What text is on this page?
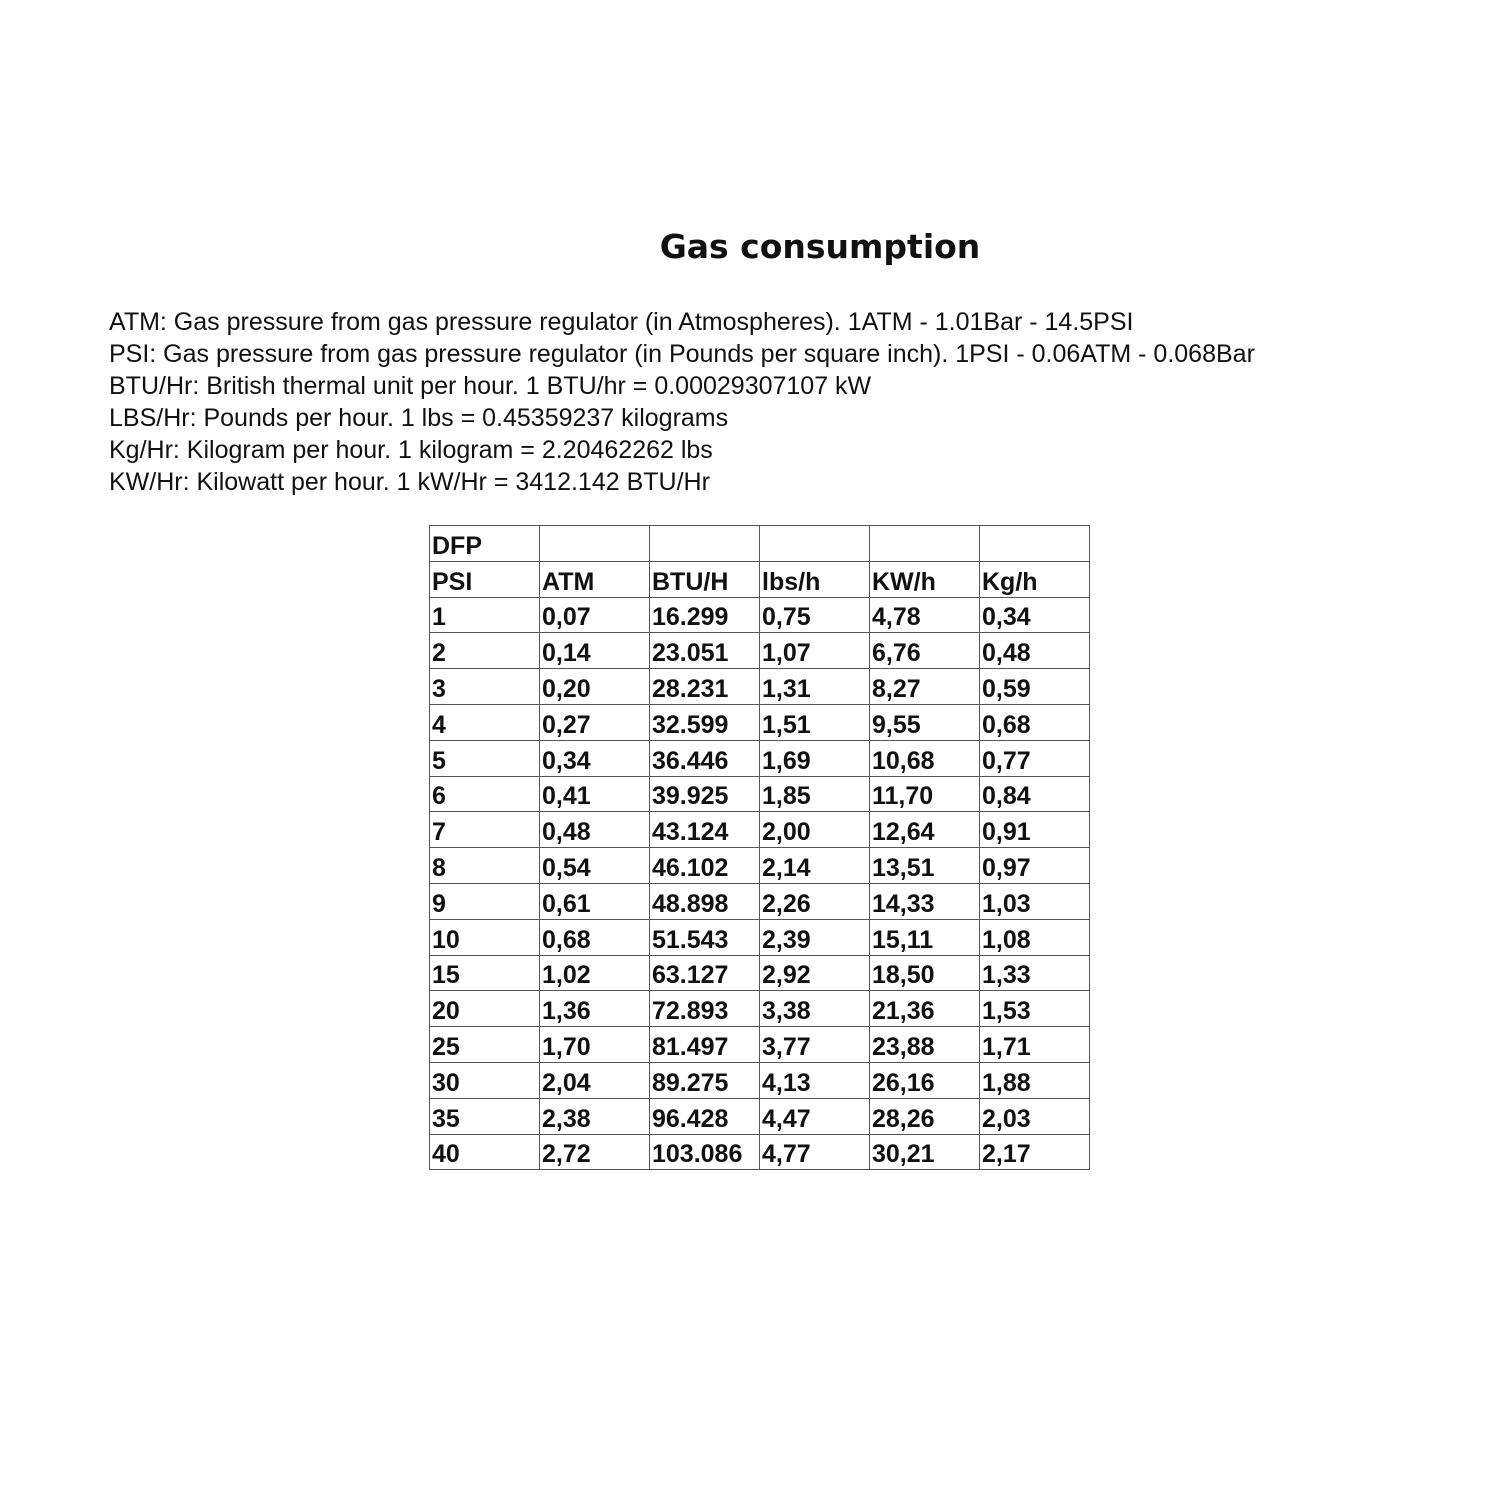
Gas consumption
ATM: Gas pressure from gas pressure regulator (in Atmospheres). 1ATM - 1.01Bar - 14.5PSI
PSI: Gas pressure from gas pressure regulator (in Pounds per square inch). 1PSI - 0.06ATM - 0.068Bar
BTU/Hr: British thermal unit per hour. 1 BTU/hr = 0.00029307107 kW
LBS/Hr: Pounds per hour. 1 lbs = 0.45359237 kilograms
Kg/Hr: Kilogram per hour. 1 kilogram = 2.20462262 lbs
KW/Hr: Kilowatt per hour. 1 kW/Hr = 3412.142 BTU/Hr
DFP					
PSI	ATM	BTU/H	lbs/h	KW/h	Kg/h
1	0,07	16.299	0,75	4,78	0,34
2	0,14	23.051	1,07	6,76	0,48
3	0,20	28.231	1,31	8,27	0,59
4	0,27	32.599	1,51	9,55	0,68
5	0,34	36.446	1,69	10,68	0,77
6	0,41	39.925	1,85	11,70	0,84
7	0,48	43.124	2,00	12,64	0,91
8	0,54	46.102	2,14	13,51	0,97
9	0,61	48.898	2,26	14,33	1,03
10	0,68	51.543	2,39	15,11	1,08
15	1,02	63.127	2,92	18,50	1,33
20	1,36	72.893	3,38	21,36	1,53
25	1,70	81.497	3,77	23,88	1,71
30	2,04	89.275	4,13	26,16	1,88
35	2,38	96.428	4,47	28,26	2,03
40	2,72	103.086	4,77	30,21	2,17
